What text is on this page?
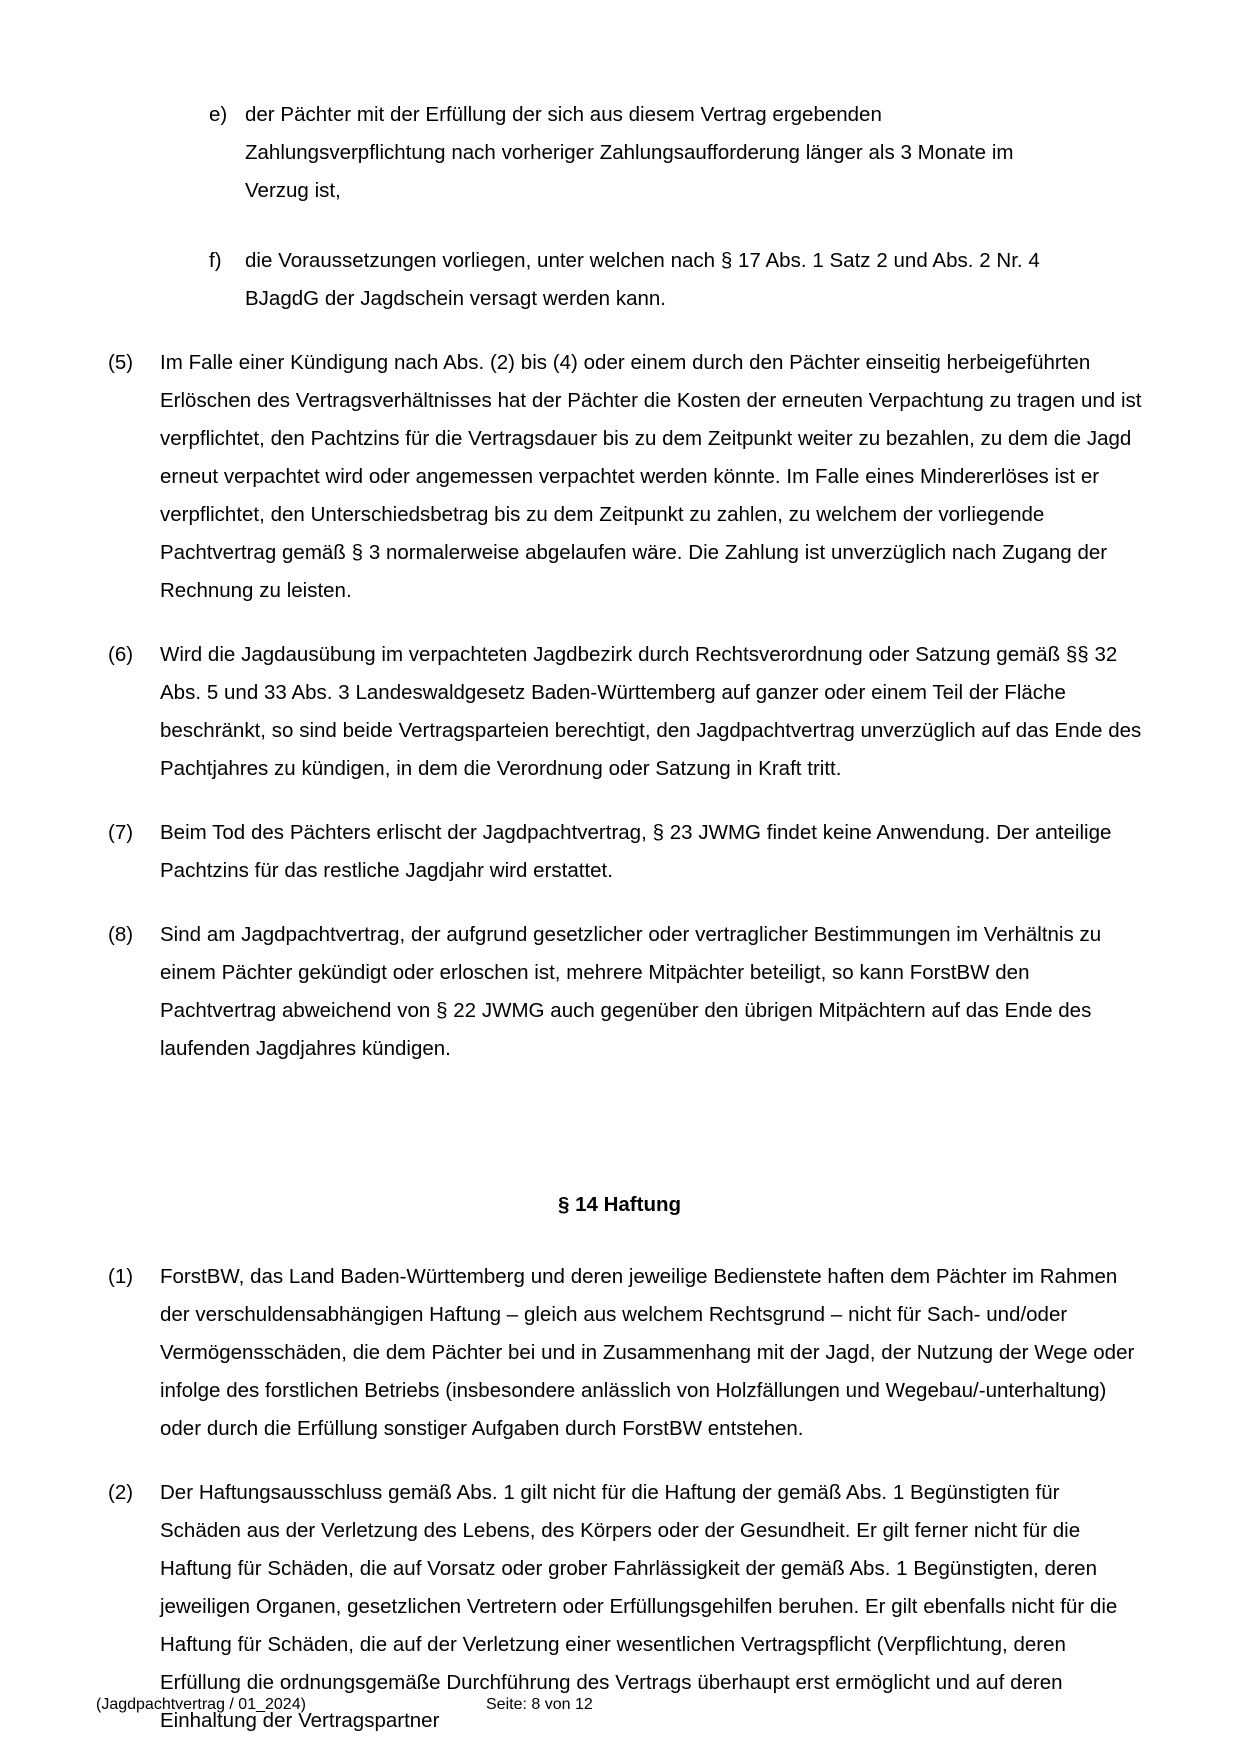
e) der Pächter mit der Erfüllung der sich aus diesem Vertrag ergebenden Zahlungsverpflichtung nach vorheriger Zahlungsaufforderung länger als 3 Monate im Verzug ist,
f)	die Voraussetzungen vorliegen, unter welchen nach § 17 Abs. 1 Satz 2 und Abs. 2 Nr. 4 BJagdG der Jagdschein versagt werden kann.
(5)	Im Falle einer Kündigung nach Abs. (2) bis (4) oder einem durch den Pächter einseitig herbeigeführten Erlöschen des Vertragsverhältnisses hat der Pächter die Kosten der erneuten Verpachtung zu tragen und ist verpflichtet, den Pachtzins für die Vertragsdauer bis zu dem Zeitpunkt weiter zu bezahlen, zu dem die Jagd erneut verpachtet wird oder angemessen verpachtet werden könnte. Im Falle eines Mindererlöses ist er verpflichtet, den Unterschiedsbetrag bis zu dem Zeitpunkt zu zahlen, zu welchem der vorliegende Pachtvertrag gemäß § 3 normalerweise abgelaufen wäre. Die Zahlung ist unverzüglich nach Zugang der Rechnung zu leisten.
(6)	Wird die Jagdausübung im verpachteten Jagdbezirk durch Rechtsverordnung oder Satzung gemäß §§ 32 Abs. 5 und 33 Abs. 3 Landeswaldgesetz Baden-Württemberg auf ganzer oder einem Teil der Fläche beschränkt, so sind beide Vertragsparteien berechtigt, den Jagdpachtvertrag unverzüglich auf das Ende des Pachtjahres zu kündigen, in dem die Verordnung oder Satzung in Kraft tritt.
(7)	Beim Tod des Pächters erlischt der Jagdpachtvertrag, § 23 JWMG findet keine Anwendung. Der anteilige Pachtzins für das restliche Jagdjahr wird erstattet.
(8)	Sind am Jagdpachtvertrag, der aufgrund gesetzlicher oder vertraglicher Bestimmungen im Verhältnis zu einem Pächter gekündigt oder erloschen ist, mehrere Mitpächter beteiligt, so kann ForstBW den Pachtvertrag abweichend von § 22 JWMG auch gegenüber den übrigen Mitpächtern auf das Ende des laufenden Jagdjahres kündigen.
§ 14 Haftung
(1)	ForstBW, das Land Baden-Württemberg und deren jeweilige Bedienstete haften dem Pächter im Rahmen der verschuldensabhängigen Haftung – gleich aus welchem Rechtsgrund – nicht für Sach- und/oder Vermögensschäden, die dem Pächter bei und in Zusammenhang mit der Jagd, der Nutzung der Wege oder infolge des forstlichen Betriebs (insbesondere anlässlich von Holzfällungen und Wegebau/-unterhaltung) oder durch die Erfüllung sonstiger Aufgaben durch ForstBW entstehen.
(2)	Der Haftungsausschluss gemäß Abs. 1 gilt nicht für die Haftung der gemäß Abs. 1 Begünstigten für Schäden aus der Verletzung des Lebens, des Körpers oder der Gesundheit. Er gilt ferner nicht für die Haftung für Schäden, die auf Vorsatz oder grober Fahrlässigkeit der gemäß Abs. 1 Begünstigten, deren jeweiligen Organen, gesetzlichen Vertretern oder Erfüllungsgehilfen beruhen. Er gilt ebenfalls nicht für die Haftung für Schäden, die auf der Verletzung einer wesentlichen Vertragspflicht (Verpflichtung, deren Erfüllung die ordnungsgemäße Durchführung des Vertrags überhaupt erst ermöglicht und auf deren Einhaltung der Vertragspartner
(Jagdpachtvertrag / 01_2024)	Seite: 8 von 12
